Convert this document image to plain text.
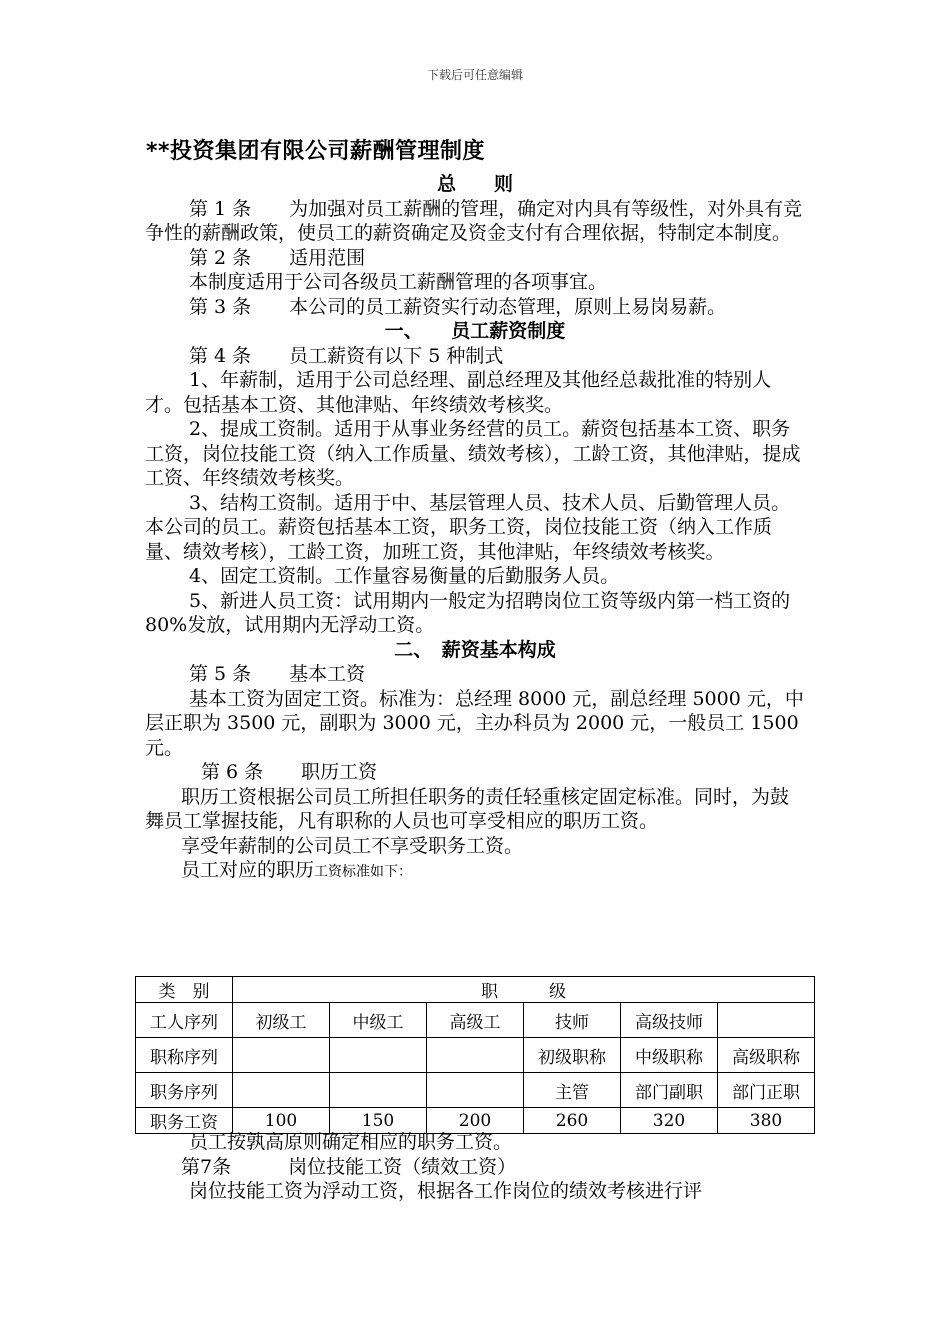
下载后可任意编辑
**投资集团有限公司薪酬管理制度

总　　则

第 1 条　　为加强对员工薪酬的管理，确定对内具有等级性，对外具有竞争性的薪酬政策，使员工的薪资确定及资金支付有合理依据，特制定本制度。

第 2 条　　适用范围

本制度适用于公司各级员工薪酬管理的各项事宜。

第 3 条　　本公司的员工薪资实行动态管理，原则上易岗易薪。

一、　　员工薪资制度

第 4 条　　员工薪资有以下 5 种制式

1、年薪制，适用于公司总经理、副总经理及其他经总裁批准的特别人才。包括基本工资、其他津贴、年终绩效考核奖。

2、提成工资制。适用于从事业务经营的员工。薪资包括基本工资、职务工资，岗位技能工资（纳入工作质量、绩效考核），工龄工资，其他津贴，提成工资、年终绩效考核奖。

3、结构工资制。适用于中、基层管理人员、技术人员、后勤管理人员。本公司的员工。薪资包括基本工资，职务工资，岗位技能工资（纳入工作质量、绩效考核），工龄工资，加班工资，其他津贴，年终绩效考核奖。

4、固定工资制。工作量容易衡量的后勤服务人员。

5、新进人员工资：试用期内一般定为招聘岗位工资等级内第一档工资的 80%发放，试用期内无浮动工资。

二、　薪资基本构成

第 5 条　　基本工资

基本工资为固定工资。标准为：总经理 8000 元，副总经理 5000 元，中层正职为 3500 元，副职为 3000 元，主办科员为 2000 元，一般员工 1500 元。

第 6 条　　职历工资

职历工资根据公司员工所担任职务的责任轻重核定固定标准。同时，为鼓舞员工掌握技能，凡有职称的人员也可享受相应的职历工资。

享受年薪制的公司员工不享受职务工资。

员工对应的职历工资标准如下：

类　别	职　　　级					
工人序列	初级工	中级工	高级工	技师	高级技师	
职称序列				初级职称	中级职称	高级职称
职务序列				主管	部门副职	部门正职
职务工资	100	150	200	260	320	380

员工按孰高原则确定相应的职务工资。

第7条　　　岗位技能工资（绩效工资）

岗位技能工资为浮动工资，根据各工作岗位的绩效考核进行评
